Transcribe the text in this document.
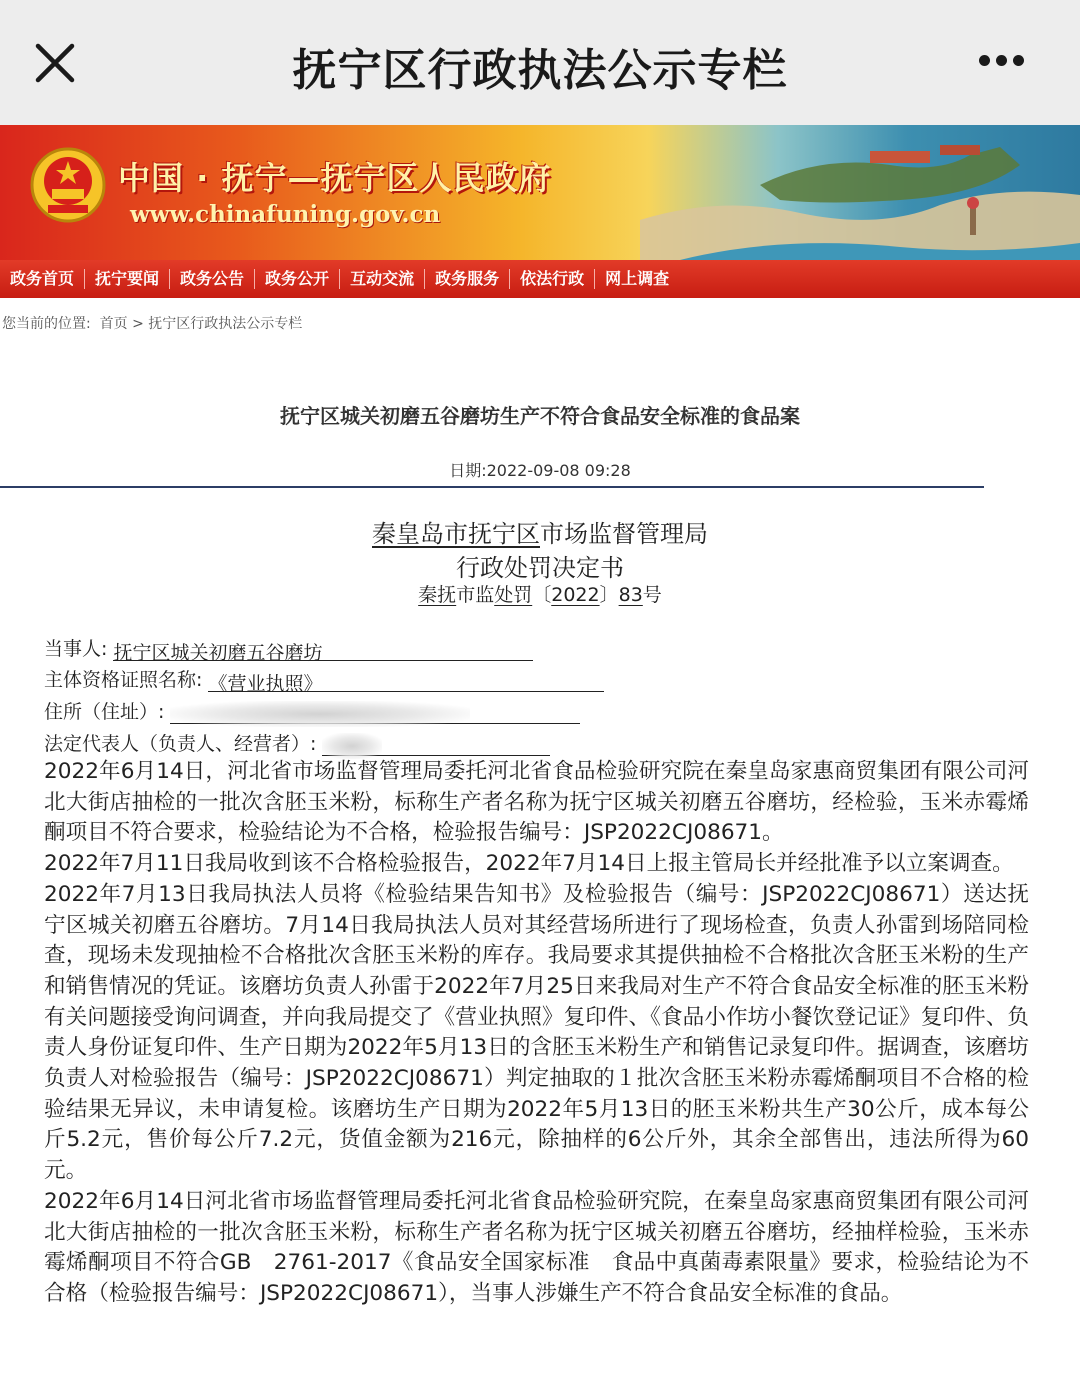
抚宁区行政执法公示专栏
中国 · 抚宁—抚宁区人民政府
www.chinafuning.gov.cn
政务首页	抚宁要闻	政务公告	政务公开	互动交流	政务服务	依法行政	网上调查
您当前的位置: 首页 > 抚宁区行政执法公示专栏
抚宁区城关初磨五谷磨坊生产不符合食品安全标准的食品案
日期:2022-09-08 09:28
秦皇岛市抚宁区市场监督管理局
行政处罚决定书
秦抚市监处罚〔2022〕83号
当事人: 抚宁区城关初磨五谷磨坊
主体资格证照名称: 《营业执照》
住所（住址）:
法定代表人（负责人、经营者）:

2022年6月14日，河北省市场监督管理局委托河北省食品检验研究院在秦皇岛家惠商贸集团有限公司河北大街店抽检的一批次含胚玉米粉，标称生产者名称为抚宁区城关初磨五谷磨坊，经检验，玉米赤霉烯酮项目不符合要求，检验结论为不合格，检验报告编号：JSP2022CJ08671。

2022年7月11日我局收到该不合格检验报告，2022年7月14日上报主管局长并经批准予以立案调查。

2022年7月13日我局执法人员将《检验结果告知书》及检验报告（编号：JSP2022CJ08671）送达抚宁区城关初磨五谷磨坊。7月14日我局执法人员对其经营场所进行了现场检查，负责人孙雷到场陪同检查，现场未发现抽检不合格批次含胚玉米粉的库存。我局要求其提供抽检不合格批次含胚玉米粉的生产和销售情况的凭证。该磨坊负责人孙雷于2022年7月25日来我局对生产不符合食品安全标准的胚玉米粉有关问题接受询问调查，并向我局提交了《营业执照》复印件、《食品小作坊小餐饮登记证》复印件、负责人身份证复印件、生产日期为2022年5月13日的含胚玉米粉生产和销售记录复印件。据调查，该磨坊负责人对检验报告（编号：JSP2022CJ08671）判定抽取的１批次含胚玉米粉赤霉烯酮项目不合格的检验结果无异议，未申请复检。该磨坊生产日期为2022年5月13日的胚玉米粉共生产30公斤，成本每公斤5.2元，售价每公斤7.2元，货值金额为216元，除抽样的6公斤外，其余全部售出，违法所得为60元。

2022年6月14日河北省市场监督管理局委托河北省食品检验研究院，在秦皇岛家惠商贸集团有限公司河北大街店抽检的一批次含胚玉米粉，标称生产者名称为抚宁区城关初磨五谷磨坊，经抽样检验，玉米赤霉烯酮项目不符合GB　2761-2017《食品安全国家标准　食品中真菌毒素限量》要求，检验结论为不合格（检验报告编号：JSP2022CJ08671），当事人涉嫌生产不符合食品安全标准的食品。
